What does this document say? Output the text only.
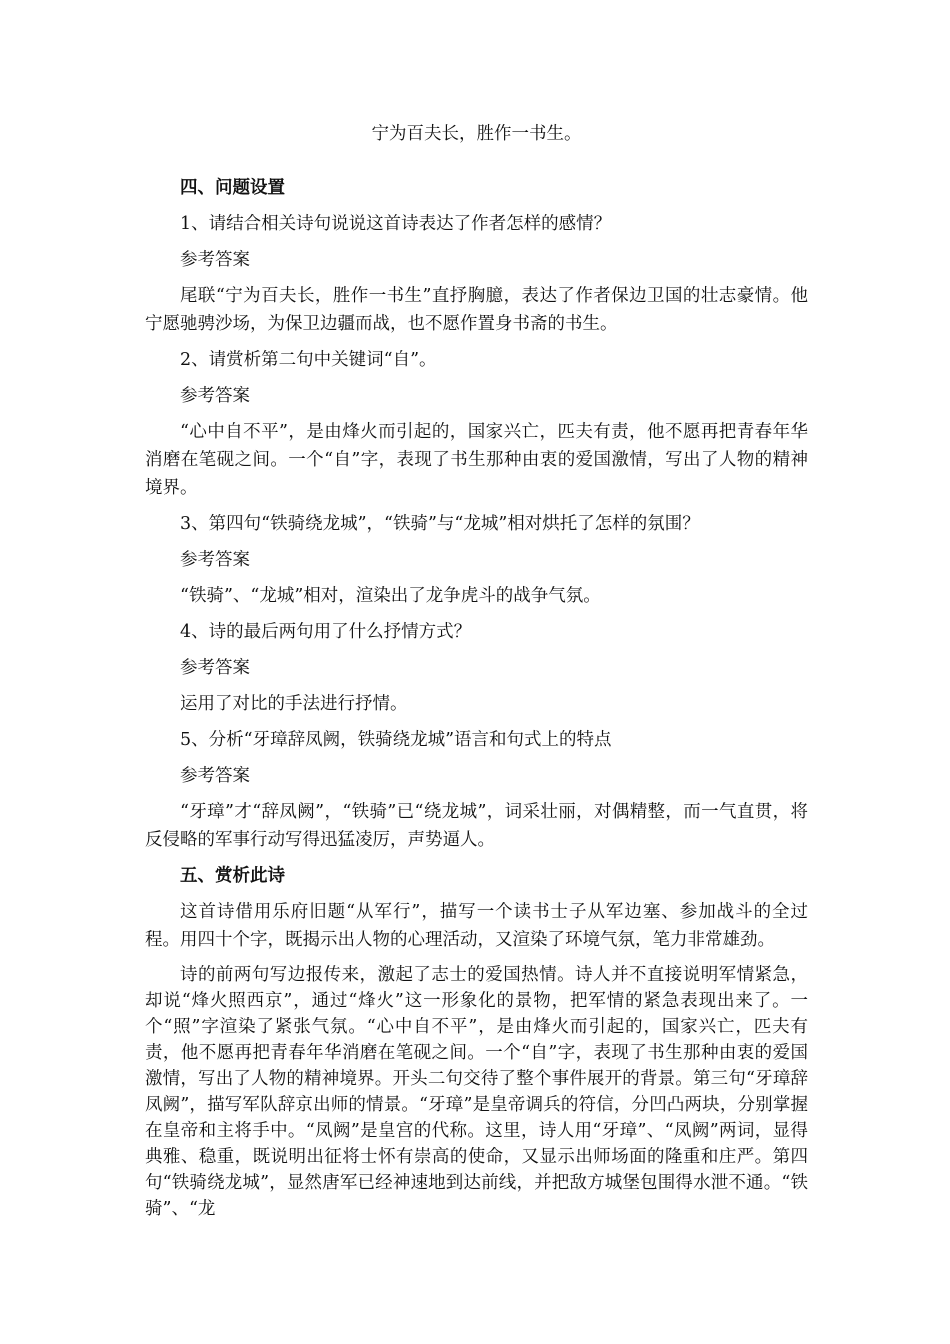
宁为百夫长，胜作一书生。

四、问题设置

1、请结合相关诗句说说这首诗表达了作者怎样的感情？

参考答案

尾联“宁为百夫长，胜作一书生”直抒胸臆，表达了作者保边卫国的壮志豪情。他宁愿驰骋沙场，为保卫边疆而战，也不愿作置身书斋的书生。

2、请赏析第二句中关键词“自”。

参考答案

“心中自不平”，是由烽火而引起的，国家兴亡，匹夫有责，他不愿再把青春年华消磨在笔砚之间。一个“自”字，表现了书生那种由衷的爱国激情，写出了人物的精神境界。

3、第四句“铁骑绕龙城”，“铁骑”与“龙城”相对烘托了怎样的氛围？

参考答案

“铁骑”、“龙城”相对，渲染出了龙争虎斗的战争气氛。

4、诗的最后两句用了什么抒情方式？

参考答案

运用了对比的手法进行抒情。

5、分析“牙璋辞凤阙，铁骑绕龙城”语言和句式上的特点

参考答案

“牙璋”才“辞凤阙”，“铁骑”已“绕龙城”，词采壮丽，对偶精整，而一气直贯，将反侵略的军事行动写得迅猛凌厉，声势逼人。

五、赏析此诗

这首诗借用乐府旧题“从军行”，描写一个读书士子从军边塞、参加战斗的全过程。用四十个字，既揭示出人物的心理活动，又渲染了环境气氛，笔力非常雄劲。

诗的前两句写边报传来，激起了志士的爱国热情。诗人并不直接说明军情紧急，却说“烽火照西京”，通过“烽火”这一形象化的景物，把军情的紧急表现出来了。一个“照”字渲染了紧张气氛。“心中自不平”，是由烽火而引起的，国家兴亡，匹夫有责，他不愿再把青春年华消磨在笔砚之间。一个“自”字，表现了书生那种由衷的爱国激情，写出了人物的精神境界。开头二句交待了整个事件展开的背景。第三句“牙璋辞凤阙”，描写军队辞京出师的情景。“牙璋”是皇帝调兵的符信，分凹凸两块，分别掌握在皇帝和主将手中。“凤阙”是皇宫的代称。这里，诗人用“牙璋”、“凤阙”两词，显得典雅、稳重，既说明出征将士怀有崇高的使命，又显示出师场面的隆重和庄严。第四句“铁骑绕龙城”，显然唐军已经神速地到达前线，并把敌方城堡包围得水泄不通。“铁骑”、“龙
